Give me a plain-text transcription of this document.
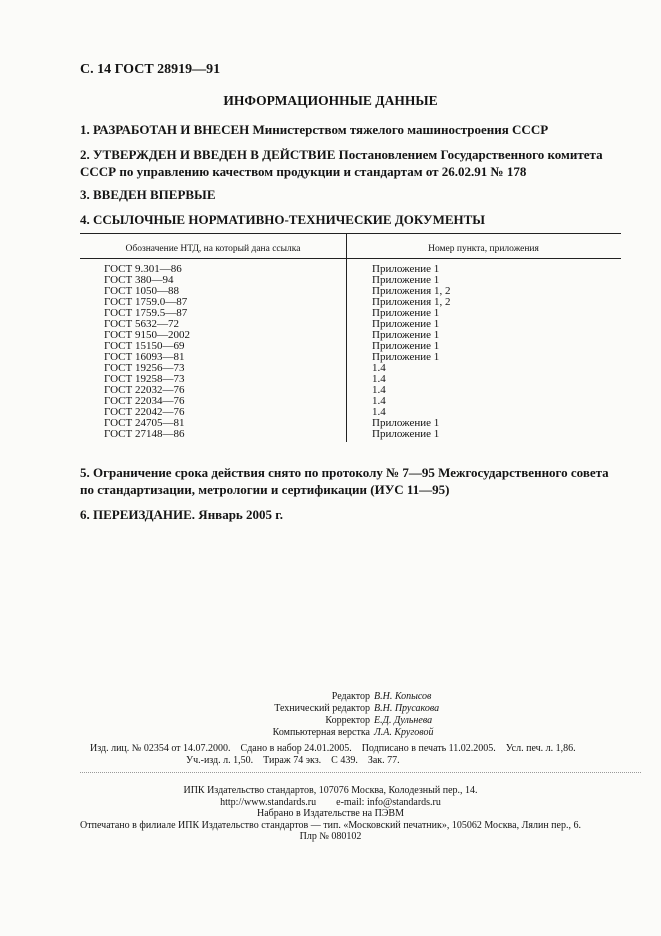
С. 14 ГОСТ 28919—91
ИНФОРМАЦИОННЫЕ ДАННЫЕ
1. РАЗРАБОТАН И ВНЕСЕН Министерством тяжелого машиностроения СССР
2. УТВЕРЖДЕН И ВВЕДЕН В ДЕЙСТВИЕ Постановлением Государственного комитета СССР по управлению качеством продукции и стандартам от 26.02.91 № 178
3. ВВЕДЕН ВПЕРВЫЕ
4. ССЫЛОЧНЫЕ НОРМАТИВНО-ТЕХНИЧЕСКИЕ ДОКУМЕНТЫ
Обозначение НТД, на который дана ссылка	Номер пункта, приложения
ГОСТ 9.301—86
ГОСТ 380—94
ГОСТ 1050—88
ГОСТ 1759.0—87
ГОСТ 1759.5—87
ГОСТ 5632—72
ГОСТ 9150—2002
ГОСТ 15150—69
ГОСТ 16093—81
ГОСТ 19256—73
ГОСТ 19258—73
ГОСТ 22032—76
ГОСТ 22034—76
ГОСТ 22042—76
ГОСТ 24705—81
ГОСТ 27148—86
Приложение 1
Приложение 1
Приложения 1, 2
Приложения 1, 2
Приложение 1
Приложение 1
Приложение 1
Приложение 1
Приложение 1
1.4
1.4
1.4
1.4
1.4
Приложение 1
Приложение 1
5. Ограничение срока действия снято по протоколу № 7—95 Межгосударственного совета по стандартизации, метрологии и сертификации (ИУС 11—95)
6. ПЕРЕИЗДАНИЕ. Январь 2005 г.
Редактор
Технический редактор
Корректор
Компьютерная верстка
В.Н. Копысов
В.Н. Прусакова
Е.Д. Дульнева
Л.А. Круговой
Изд. лиц. № 02354 от 14.07.2000.    Сдано в набор 24.01.2005.    Подписано в печать 11.02.2005.    Усл. печ. л. 1,86.
Уч.-изд. л. 1,50.    Тираж 74 экз.    С 439.    Зак. 77.
ИПК Издательство стандартов, 107076 Москва, Колодезный пер., 14.
http://www.standards.ru        e-mail: info@standards.ru
Набрано в Издательстве на ПЭВМ
Отпечатано в филиале ИПК Издательство стандартов — тип. «Московский печатник», 105062 Москва, Лялин пер., 6.
Плр № 080102
